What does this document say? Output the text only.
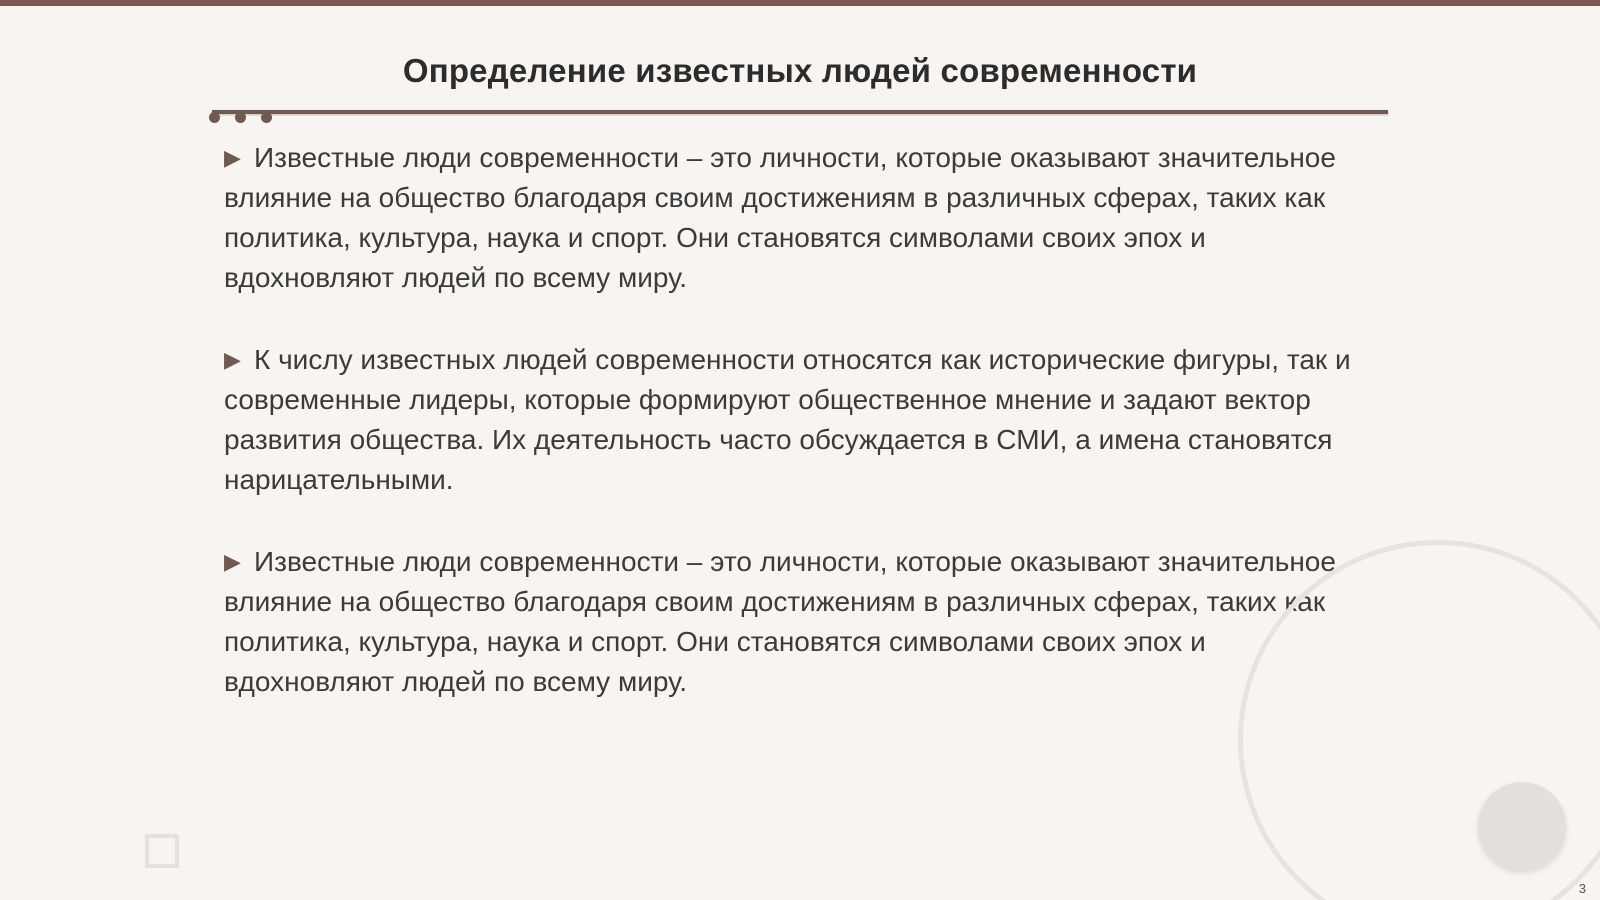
Определение известных людей современности

▶ Известные люди современности – это личности, которые оказывают значительное влияние на общество благодаря своим достижениям в различных сферах, таких как политика, культура, наука и спорт. Они становятся символами своих эпох и вдохновляют людей по всему миру.

▶ К числу известных людей современности относятся как исторические фигуры, так и современные лидеры, которые формируют общественное мнение и задают вектор развития общества. Их деятельность часто обсуждается в СМИ, а имена становятся нарицательными.

▶ Известные люди современности – это личности, которые оказывают значительное влияние на общество благодаря своим достижениям в различных сферах, таких как политика, культура, наука и спорт. Они становятся символами своих эпох и вдохновляют людей по всему миру.

3
